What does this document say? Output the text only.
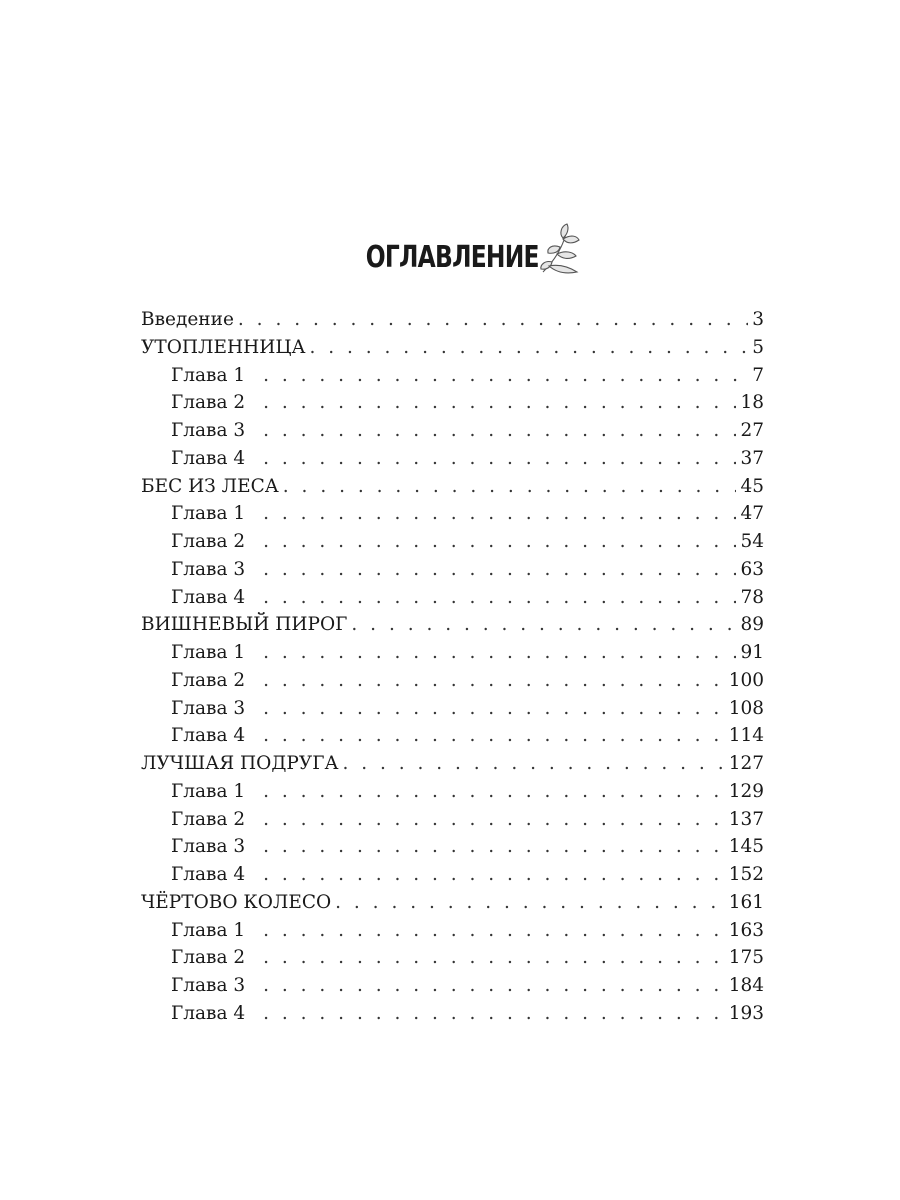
ОГЛАВЛЕНИЕ
Введение . . .	3
УТОПЛЕННИЦА . . .	5
Глава 1 . . .	7
Глава 2 . . .	18
Глава 3 . . .	27
Глава 4 . . .	37
БЕС ИЗ ЛЕСА . . .	45
Глава 1 . . .	47
Глава 2 . . .	54
Глава 3 . . .	63
Глава 4 . . .	78
ВИШНЕВЫЙ ПИРОГ . . .	89
Глава 1 . . .	91
Глава 2 . . .	100
Глава 3 . . .	108
Глава 4 . . .	114
ЛУЧШАЯ ПОДРУГА . . .	127
Глава 1 . . .	129
Глава 2 . . .	137
Глава 3 . . .	145
Глава 4 . . .	152
ЧЁРТОВО КОЛЕСО . . .	161
Глава 1 . . .	163
Глава 2 . . .	175
Глава 3 . . .	184
Глава 4 . . .	193
